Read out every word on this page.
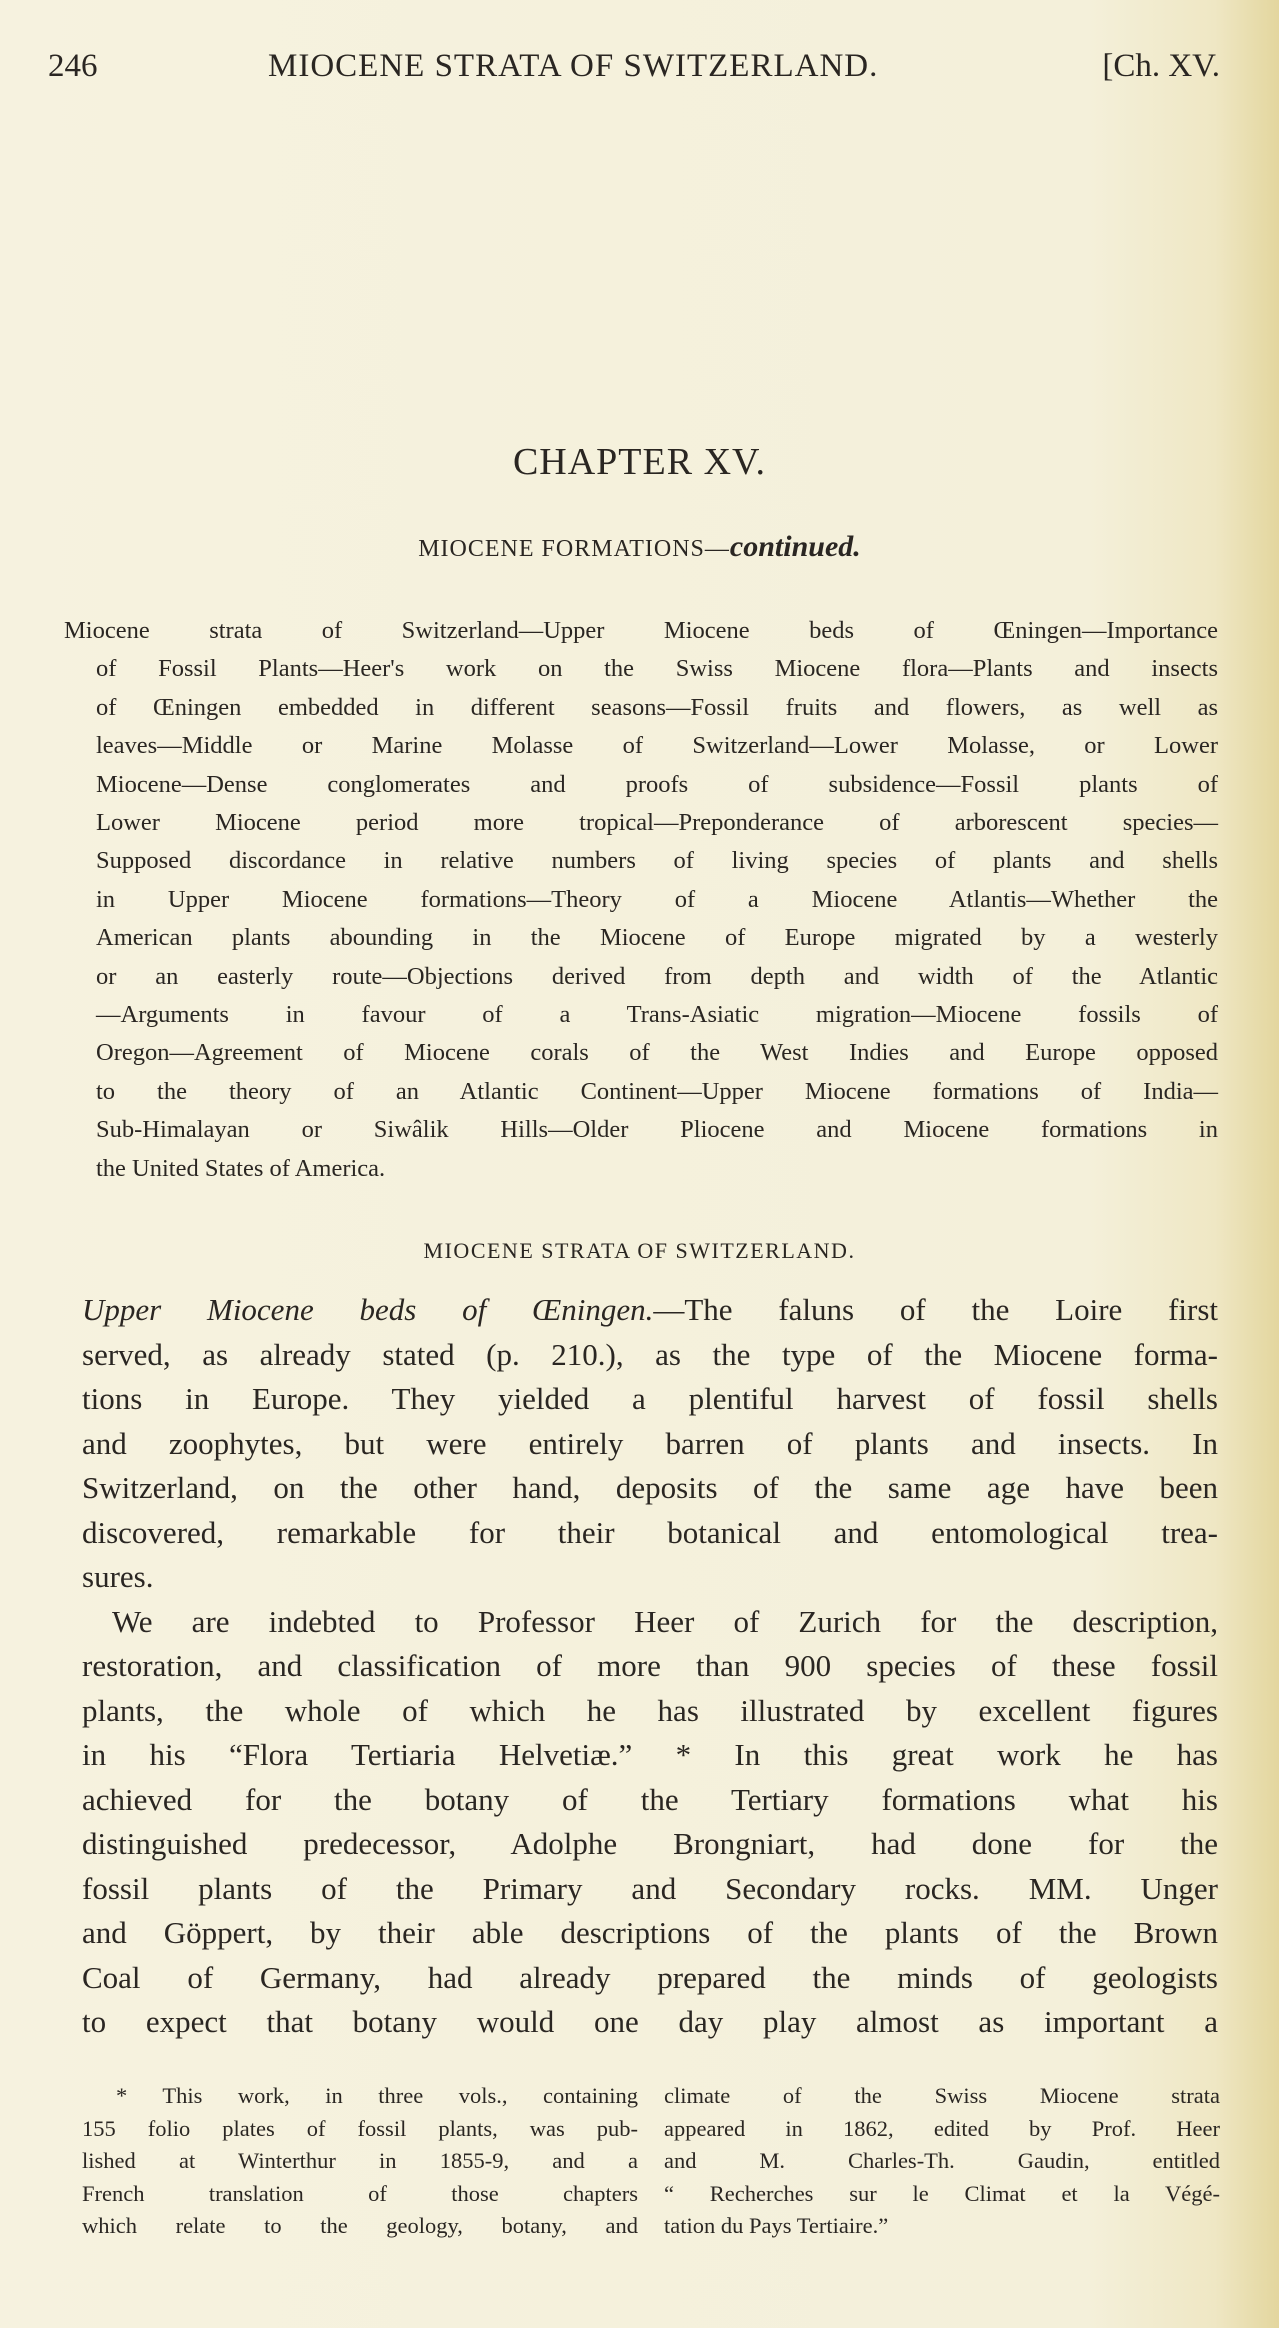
246	MIOCENE STRATA OF SWITZERLAND.	[Ch. XV.
CHAPTER XV.
MIOCENE FORMATIONS—continued.
Miocene strata of Switzerland—Upper Miocene beds of Œningen—Importance
of Fossil Plants—Heer's work on the Swiss Miocene flora—Plants and insects
of Œningen embedded in different seasons—Fossil fruits and flowers, as well as
leaves—Middle or Marine Molasse of Switzerland—Lower Molasse, or Lower
Miocene—Dense conglomerates and proofs of subsidence—Fossil plants of
Lower Miocene period more tropical—Preponderance of arborescent species—
Supposed discordance in relative numbers of living species of plants and shells
in Upper Miocene formations—Theory of a Miocene Atlantis—Whether the
American plants abounding in the Miocene of Europe migrated by a westerly
or an easterly route—Objections derived from depth and width of the Atlantic
—Arguments in favour of a Trans-Asiatic migration—Miocene fossils of
Oregon—Agreement of Miocene corals of the West Indies and Europe opposed
to the theory of an Atlantic Continent—Upper Miocene formations of India—
Sub-Himalayan or Siwâlik Hills—Older Pliocene and Miocene formations in
the United States of America.
MIOCENE STRATA OF SWITZERLAND.
Upper Miocene beds of Œningen.—The faluns of the Loire first
served, as already stated (p. 210.), as the type of the Miocene forma-
tions in Europe. They yielded a plentiful harvest of fossil shells
and zoophytes, but were entirely barren of plants and insects. In
Switzerland, on the other hand, deposits of the same age have been
discovered, remarkable for their botanical and entomological trea-
sures.
We are indebted to Professor Heer of Zurich for the description,
restoration, and classification of more than 900 species of these fossil
plants, the whole of which he has illustrated by excellent figures
in his “Flora Tertiaria Helvetiæ.” * In this great work he has
achieved for the botany of the Tertiary formations what his
distinguished predecessor, Adolphe Brongniart, had done for the
fossil plants of the Primary and Secondary rocks. MM. Unger
and Göppert, by their able descriptions of the plants of the Brown
Coal of Germany, had already prepared the minds of geologists
to expect that botany would one day play almost as important a
* This work, in three vols., containing
155 folio plates of fossil plants, was pub-
lished at Winterthur in 1855-9, and a
French translation of those chapters
which relate to the geology, botany, and
climate of the Swiss Miocene strata
appeared in 1862, edited by Prof. Heer
and M. Charles-Th. Gaudin, entitled
“ Recherches sur le Climat et la Végé-
tation du Pays Tertiaire.”
